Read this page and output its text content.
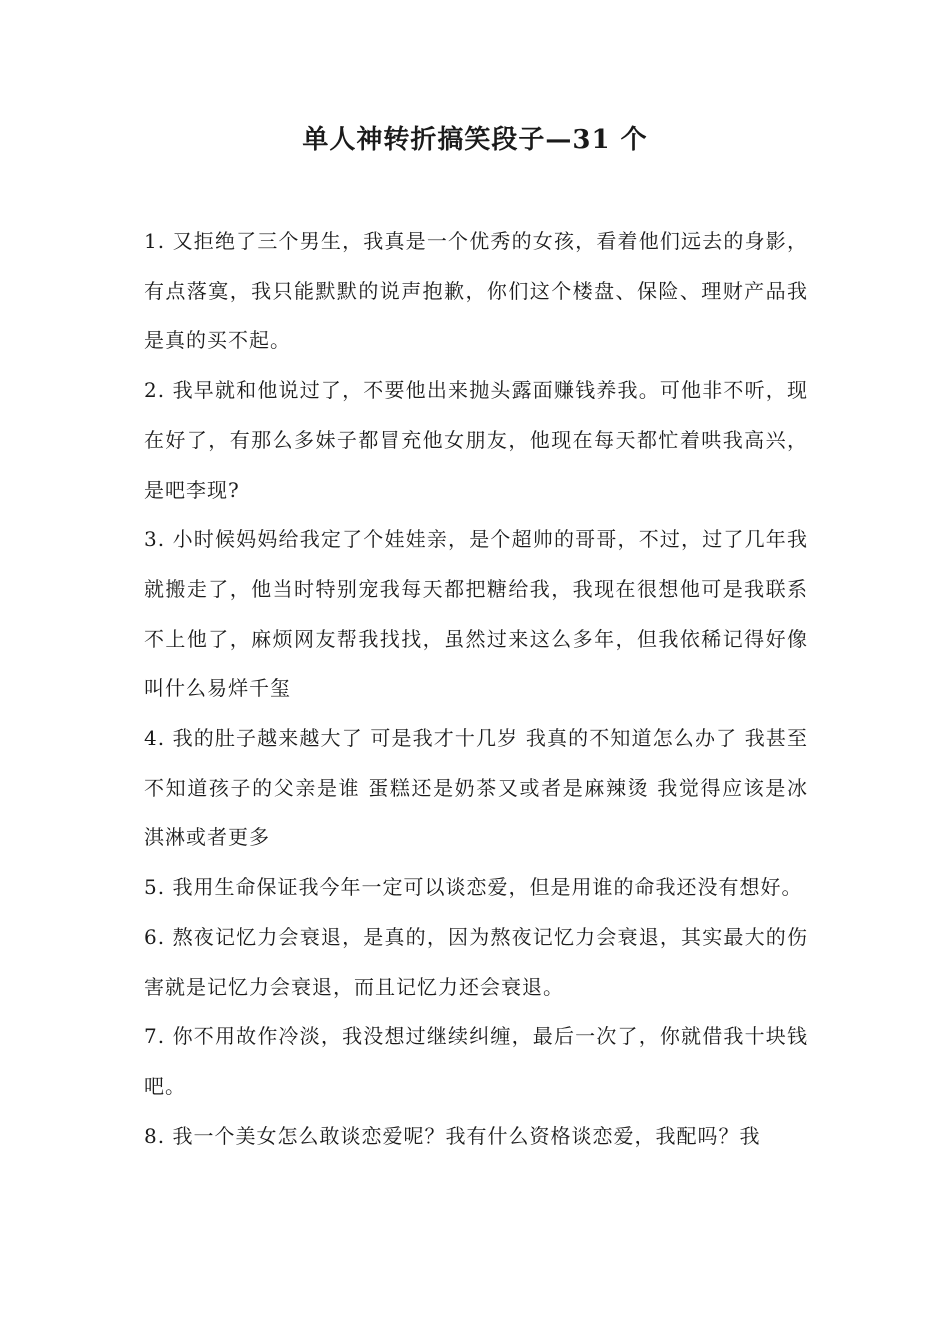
单人神转折搞笑段子—31 个

1. 又拒绝了三个男生，我真是一个优秀的女孩，看着他们远去的身影，有点落寞，我只能默默的说声抱歉，你们这个楼盘、保险、理财产品我是真的买不起。

2. 我早就和他说过了，不要他出来抛头露面赚钱养我。可他非不听，现在好了，有那么多妹子都冒充他女朋友，他现在每天都忙着哄我高兴，是吧李现?

3. 小时候妈妈给我定了个娃娃亲，是个超帅的哥哥，不过，过了几年我就搬走了，他当时特别宠我每天都把糖给我，我现在很想他可是我联系不上他了，麻烦网友帮我找找，虽然过来这么多年，但我依稀记得好像叫什么易烊千玺

4. 我的肚子越来越大了 可是我才十几岁 我真的不知道怎么办了 我甚至不知道孩子的父亲是谁 蛋糕还是奶茶又或者是麻辣烫 我觉得应该是冰淇淋或者更多

5. 我用生命保证我今年一定可以谈恋爱，但是用谁的命我还没有想好。

6. 熬夜记忆力会衰退，是真的，因为熬夜记忆力会衰退，其实最大的伤害就是记忆力会衰退，而且记忆力还会衰退。

7. 你不用故作冷淡，我没想过继续纠缠，最后一次了，你就借我十块钱吧。

8. 我一个美女怎么敢谈恋爱呢？我有什么资格谈恋爱，我配吗？我
